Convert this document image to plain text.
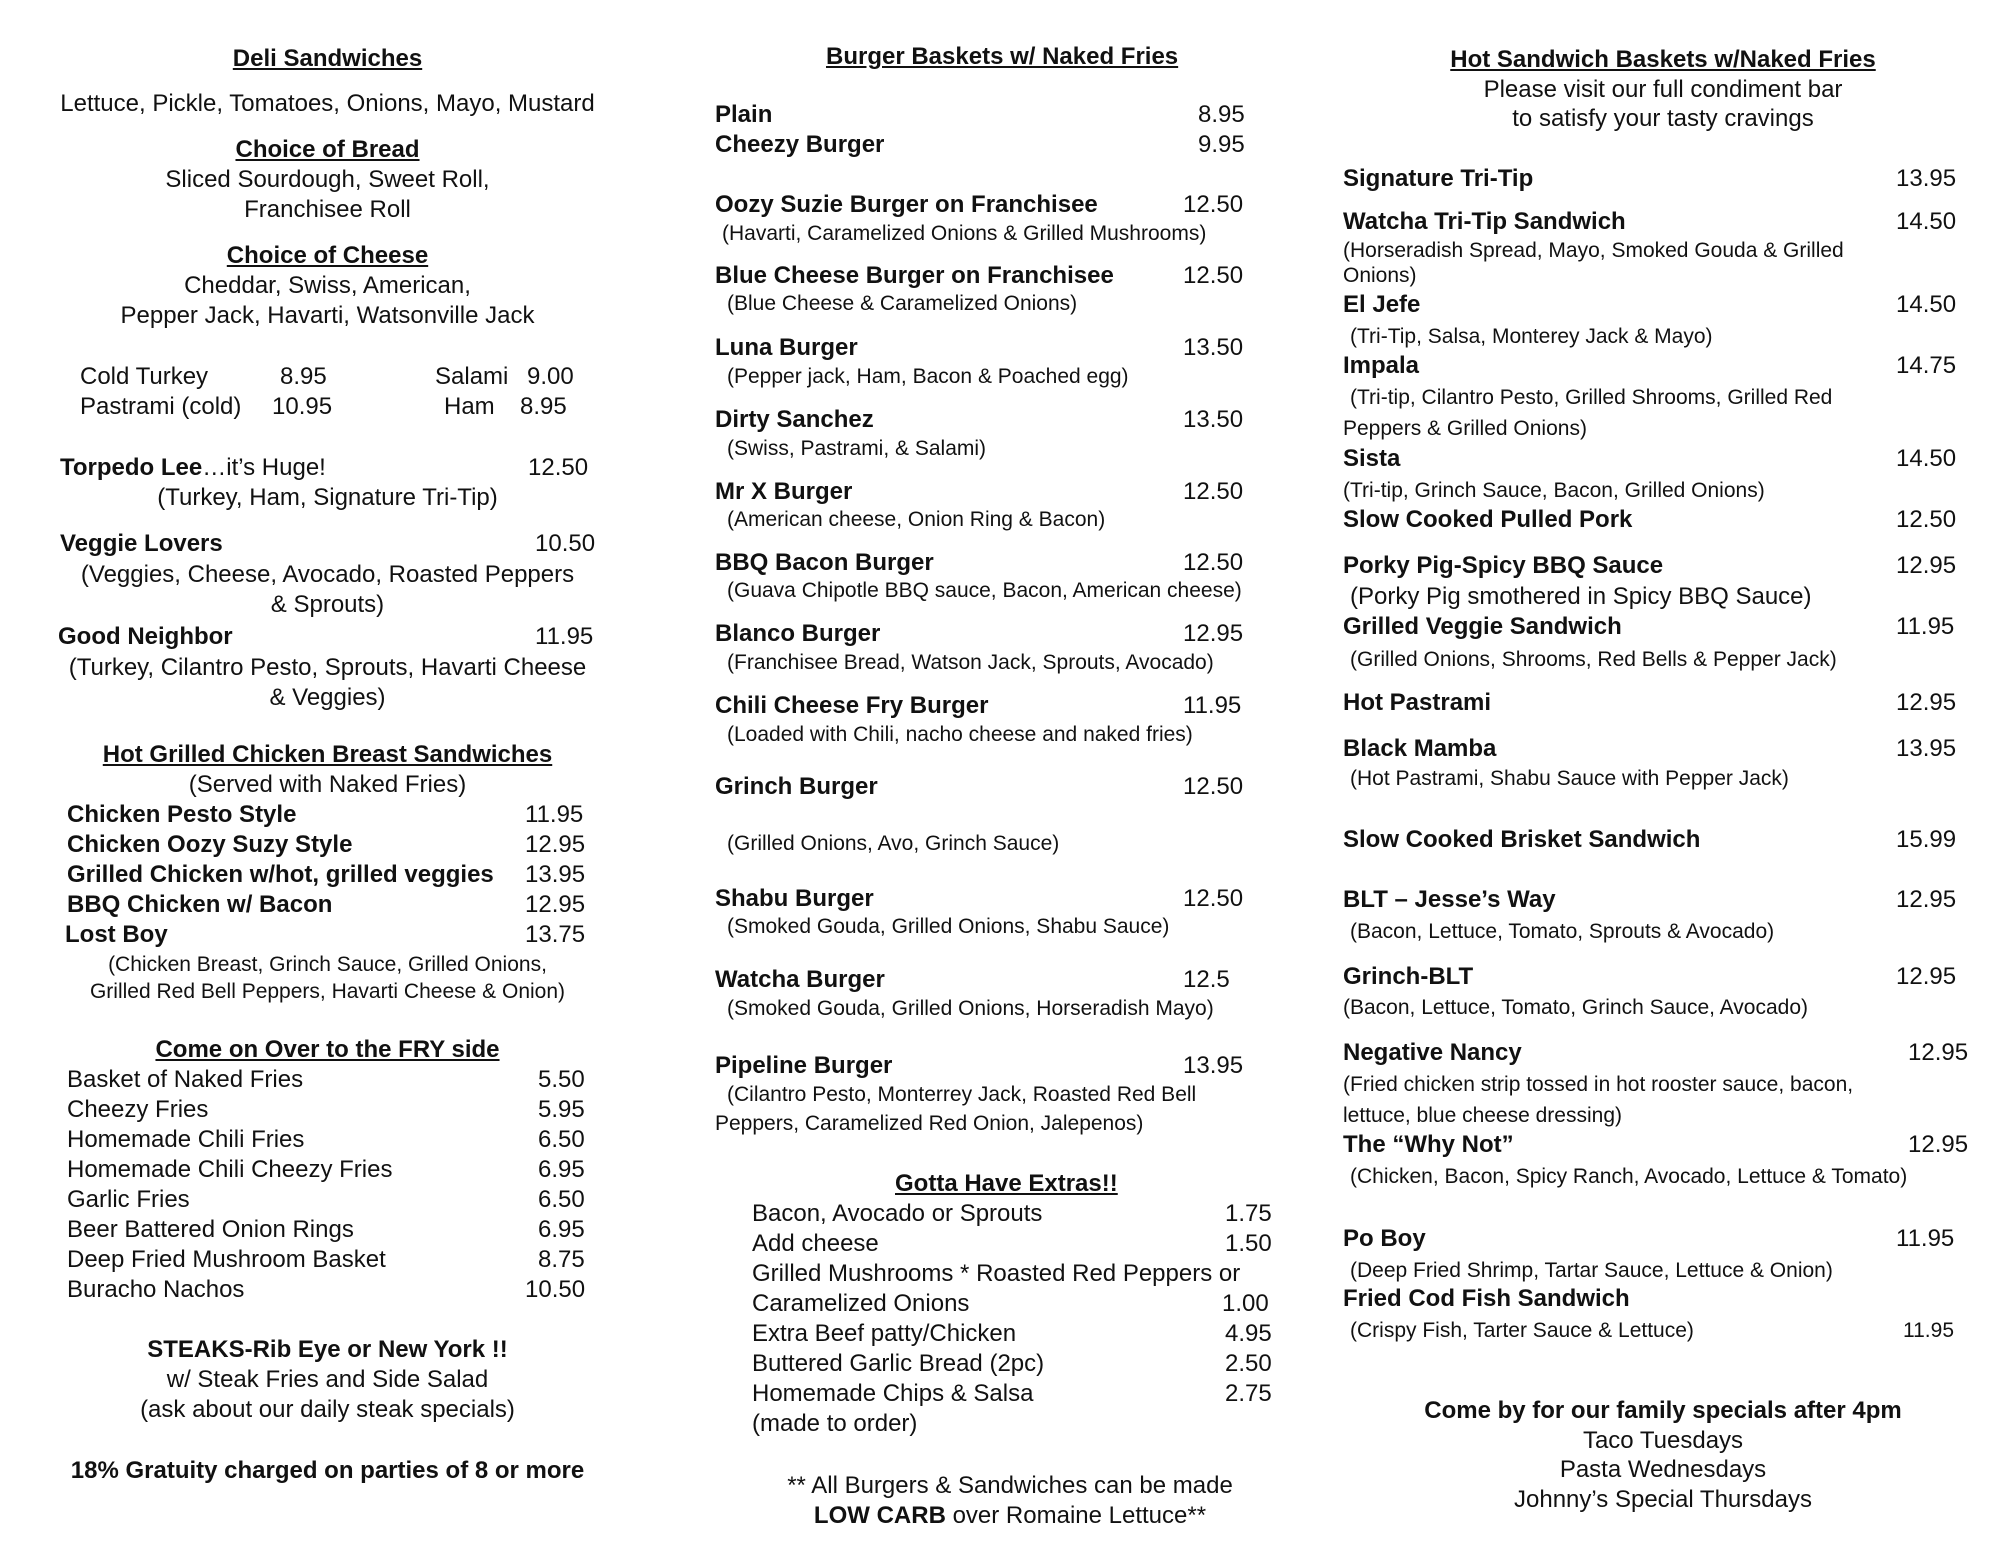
Deli Sandwiches
Lettuce, Pickle, Tomatoes, Onions, Mayo, Mustard
Choice of Bread
Sliced Sourdough, Sweet Roll,
Franchisee Roll
Choice of Cheese
Cheddar, Swiss, American,
Pepper Jack, Havarti, Watsonville Jack
Cold Turkey	8.95	Salami 9.00
Pastrami (cold) 10.95	Ham 8.95
Torpedo Lee…it’s Huge!	12.50
(Turkey, Ham, Signature Tri-Tip)
Veggie Lovers	10.50
(Veggies, Cheese, Avocado, Roasted Peppers
& Sprouts)
Good Neighbor	11.95
(Turkey, Cilantro Pesto, Sprouts, Havarti Cheese
& Veggies)
Hot Grilled Chicken Breast Sandwiches
(Served with Naked Fries)
Chicken Pesto Style	11.95
Chicken Oozy Suzy Style	12.95
Grilled Chicken w/hot, grilled veggies 13.95
BBQ Chicken w/ Bacon	12.95
Lost Boy	13.75
(Chicken Breast, Grinch Sauce, Grilled Onions,
Grilled Red Bell Peppers, Havarti Cheese & Onion)
Come on Over to the FRY side
Basket of Naked Fries	5.50
Cheezy Fries	5.95
Homemade Chili Fries	6.50
Homemade Chili Cheezy Fries	6.95
Garlic Fries	6.50
Beer Battered Onion Rings	6.95
Deep Fried Mushroom Basket	8.75
Buracho Nachos	10.50
STEAKS-Rib Eye or New York !!
w/ Steak Fries and Side Salad
(ask about our daily steak specials)
18% Gratuity charged on parties of 8 or more
Burger Baskets w/ Naked Fries
Plain	8.95
Cheezy Burger	9.95
Oozy Suzie Burger on Franchisee	12.50
(Havarti, Caramelized Onions & Grilled Mushrooms)
Blue Cheese Burger on Franchisee	12.50
(Blue Cheese & Caramelized Onions)
Luna Burger	13.50
(Pepper jack, Ham, Bacon & Poached egg)
Dirty Sanchez	13.50
(Swiss, Pastrami, & Salami)
Mr X Burger	12.50
(American cheese, Onion Ring & Bacon)
BBQ Bacon Burger	12.50
(Guava Chipotle BBQ sauce, Bacon, American cheese)
Blanco Burger	12.95
(Franchisee Bread, Watson Jack, Sprouts, Avocado)
Chili Cheese Fry Burger	11.95
(Loaded with Chili, nacho cheese and naked fries)
Grinch Burger	12.50
(Grilled Onions, Avo, Grinch Sauce)
Shabu Burger	12.50
(Smoked Gouda, Grilled Onions, Shabu Sauce)
Watcha Burger	12.5
(Smoked Gouda, Grilled Onions, Horseradish Mayo)
Pipeline Burger	13.95
(Cilantro Pesto, Monterrey Jack, Roasted Red Bell
Peppers, Caramelized Red Onion, Jalepenos)
Gotta Have Extras!!
Bacon, Avocado or Sprouts	1.75
Add cheese	1.50
Grilled Mushrooms * Roasted Red Peppers or
Caramelized Onions	1.00
Extra Beef patty/Chicken	4.95
Buttered Garlic Bread (2pc)	2.50
Homemade Chips & Salsa	2.75
(made to order)
** All Burgers & Sandwiches can be made
LOW CARB over Romaine Lettuce**
Hot Sandwich Baskets w/Naked Fries
Please visit our full condiment bar
to satisfy your tasty cravings
Signature Tri-Tip	13.95
Watcha Tri-Tip Sandwich	14.50
(Horseradish Spread, Mayo, Smoked Gouda & Grilled
Onions)
El Jefe	14.50
(Tri-Tip, Salsa, Monterey Jack & Mayo)
Impala	14.75
(Tri-tip, Cilantro Pesto, Grilled Shrooms, Grilled Red
Peppers & Grilled Onions)
Sista	14.50
(Tri-tip, Grinch Sauce, Bacon, Grilled Onions)
Slow Cooked Pulled Pork	12.50
Porky Pig-Spicy BBQ Sauce	12.95
(Porky Pig smothered in Spicy BBQ Sauce)
Grilled Veggie Sandwich	11.95
(Grilled Onions, Shrooms, Red Bells & Pepper Jack)
Hot Pastrami	12.95
Black Mamba	13.95
(Hot Pastrami, Shabu Sauce with Pepper Jack)
Slow Cooked Brisket Sandwich	15.99
BLT – Jesse’s Way	12.95
(Bacon, Lettuce, Tomato, Sprouts & Avocado)
Grinch-BLT	12.95
(Bacon, Lettuce, Tomato, Grinch Sauce, Avocado)
Negative Nancy	12.95
(Fried chicken strip tossed in hot rooster sauce, bacon,
lettuce, blue cheese dressing)
The “Why Not”	12.95
(Chicken, Bacon, Spicy Ranch, Avocado, Lettuce & Tomato)
Po Boy	11.95
(Deep Fried Shrimp, Tartar Sauce, Lettuce & Onion)
Fried Cod Fish Sandwich
(Crispy Fish, Tarter Sauce & Lettuce)	11.95
Come by for our family specials after 4pm
Taco Tuesdays
Pasta Wednesdays
Johnny’s Special Thursdays
